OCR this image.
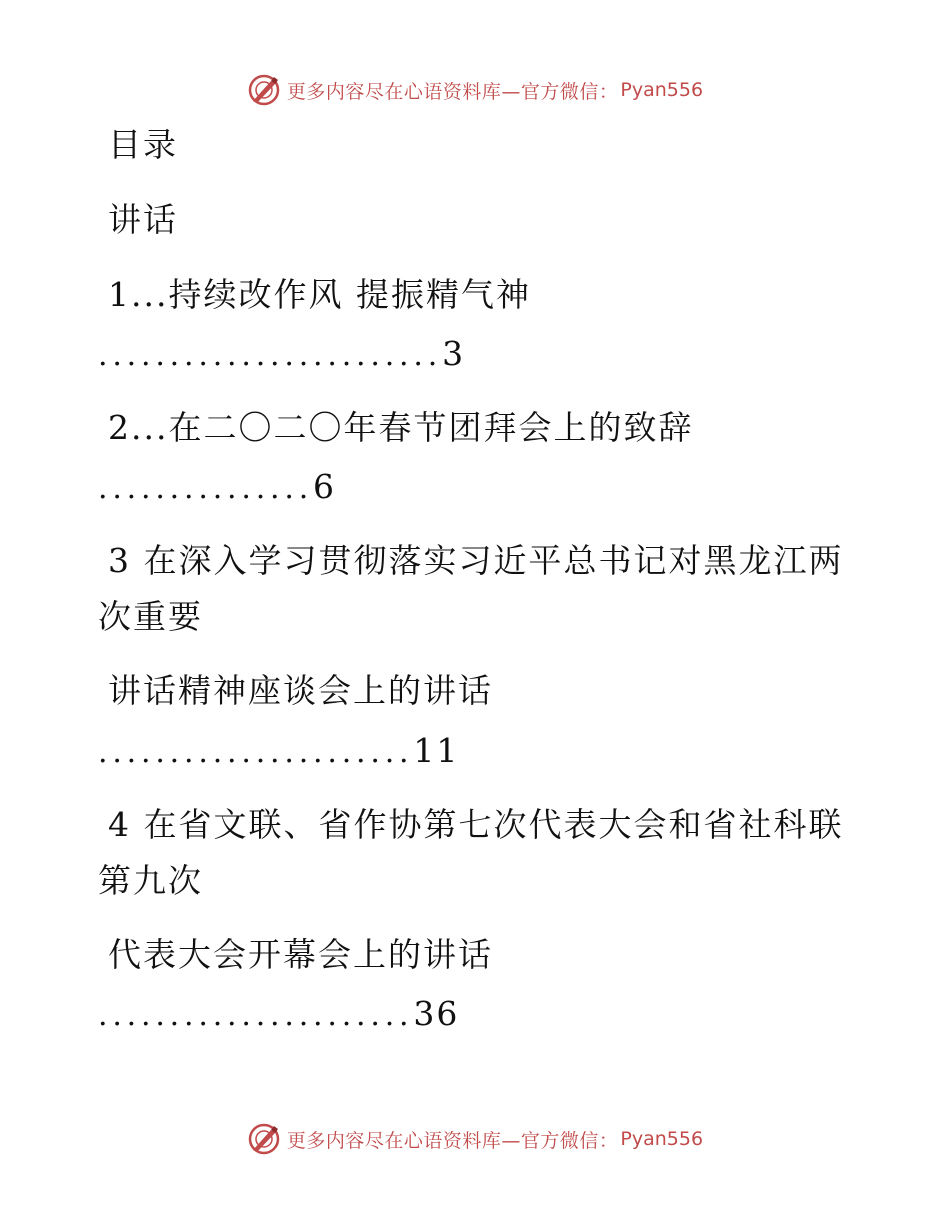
更多内容尽在心语资料库—官方微信： Pyan556
目录
讲话
1...持续改作风 提振精气神
........................3
2...在二〇二〇年春节团拜会上的致辞
...............6
3 在深入学习贯彻落实习近平总书记对黑龙江两
次重要
讲话精神座谈会上的讲话
......................11
4 在省文联、省作协第七次代表大会和省社科联
第九次
代表大会开幕会上的讲话
......................36
更多内容尽在心语资料库—官方微信： Pyan556
